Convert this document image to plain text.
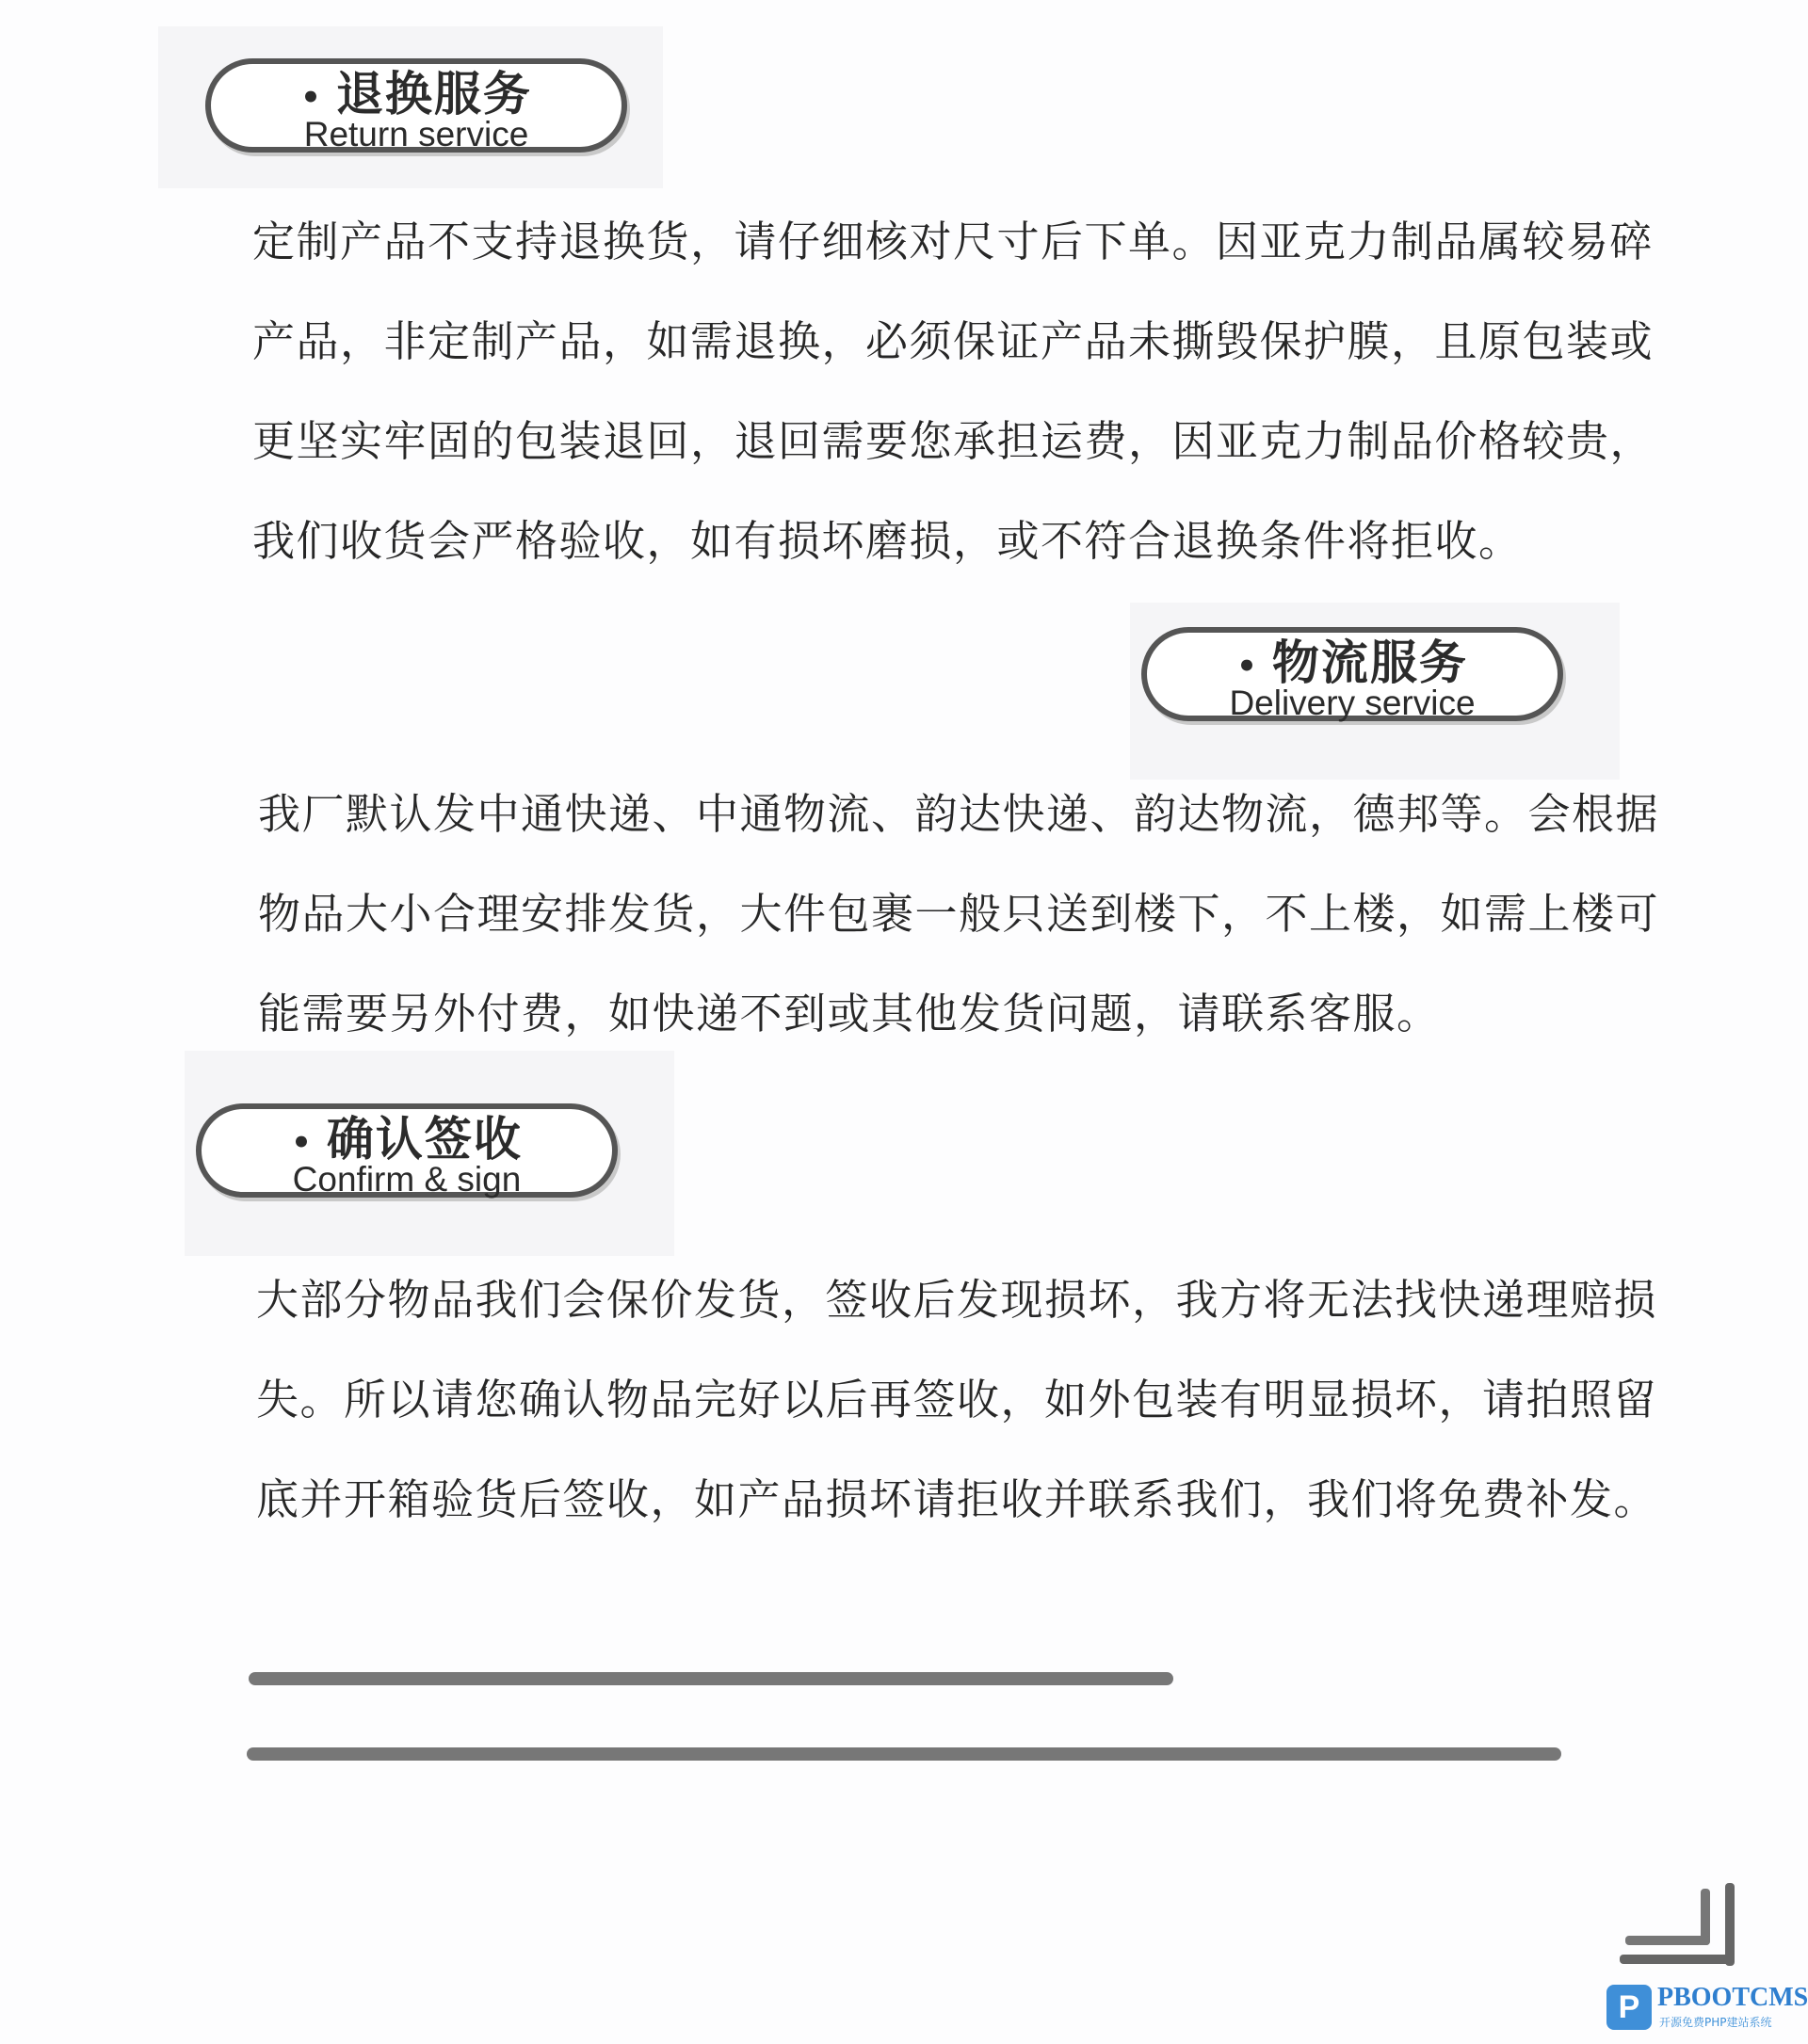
• 退换服务
Return service
定制产品不支持退换货，请仔细核对尺寸后下单。因亚克力制品属较易碎
产品，非定制产品，如需退换，必须保证产品未撕毁保护膜，且原包装或
更坚实牢固的包装退回，退回需要您承担运费，因亚克力制品价格较贵，
我们收货会严格验收，如有损坏磨损，或不符合退换条件将拒收。
• 物流服务
Delivery service
我厂默认发中通快递、中通物流、韵达快递、韵达物流，德邦等。会根据
物品大小合理安排发货，大件包裹一般只送到楼下，不上楼，如需上楼可
能需要另外付费，如快递不到或其他发货问题，请联系客服。
• 确认签收
Confirm & sign
大部分物品我们会保价发货，签收后发现损坏，我方将无法找快递理赔损
失。所以请您确认物品完好以后再签收，如外包装有明显损坏，请拍照留
底并开箱验货后签收，如产品损坏请拒收并联系我们，我们将免费补发。
P PBOOTCMS
开源免费PHP建站系统
